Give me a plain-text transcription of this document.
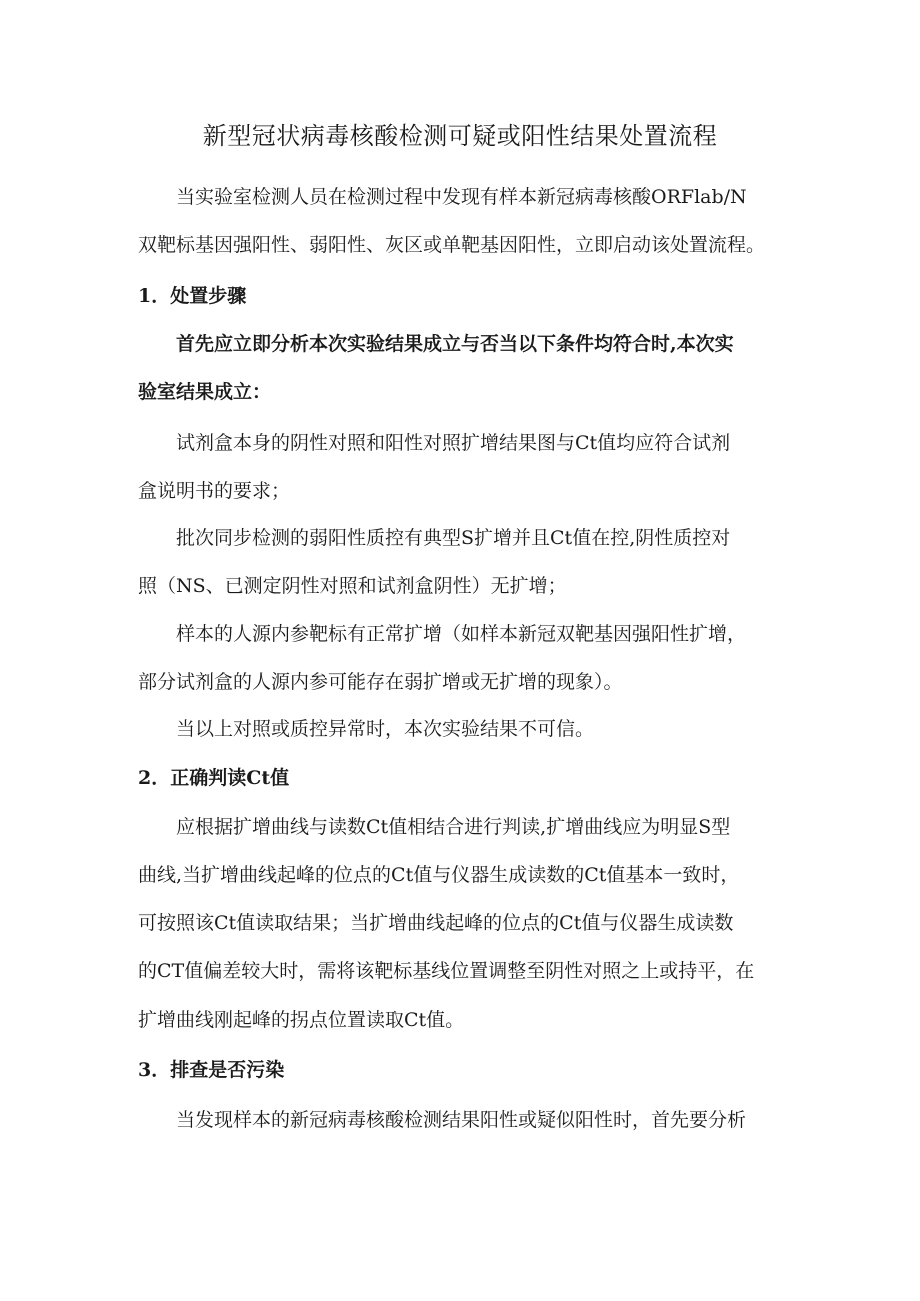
新型冠状病毒核酸检测可疑或阳性结果处置流程

当实验室检测人员在检测过程中发现有样本新冠病毒核酸ORFlab/N

双靶标基因强阳性、弱阳性、灰区或单靶基因阳性，立即启动该处置流程。

1．处置步骤

首先应立即分析本次实验结果成立与否当以下条件均符合时,本次实

验室结果成立：

试剂盒本身的阴性对照和阳性对照扩增结果图与Ct值均应符合试剂

盒说明书的要求；

批次同步检测的弱阳性质控有典型S扩增并且Ct值在控,阴性质控对

照（NS、已测定阴性对照和试剂盒阴性）无扩增；

样本的人源内参靶标有正常扩增（如样本新冠双靶基因强阳性扩增，

部分试剂盒的人源内参可能存在弱扩增或无扩增的现象）。

当以上对照或质控异常时，本次实验结果不可信。

2．正确判读Ct值

应根据扩增曲线与读数Ct值相结合进行判读,扩增曲线应为明显S型

曲线,当扩增曲线起峰的位点的Ct值与仪器生成读数的Ct值基本一致时，

可按照该Ct值读取结果；当扩增曲线起峰的位点的Ct值与仪器生成读数

的CT值偏差较大时，需将该靶标基线位置调整至阴性对照之上或持平，在

扩增曲线刚起峰的拐点位置读取Ct值。

3．排查是否污染

当发现样本的新冠病毒核酸检测结果阳性或疑似阳性时，首先要分析
